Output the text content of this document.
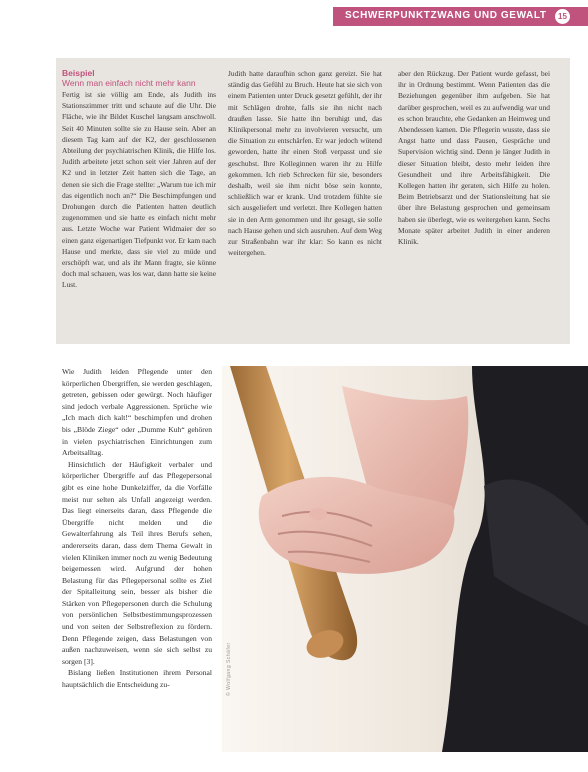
SCHWERPUNKTZWANG UND GEWALT	15
Beispiel
Wenn man einfach nicht mehr kann

Fertig ist sie völlig am Ende, als Judith ins Stationszimmer tritt und schaute auf die Uhr. Die Fläche, wie ihr Bildet Kuschel langsam anschwoll. Seit 40 Minuten sollte sie zu Hause sein. Aber an diesem Tag kam auf der K2, der geschlossenen Abteilung der psychiatrischen Klinik, die Hilfe los. Judith arbeitete jetzt schon seit vier Jahren auf der K2 und in letzter Zeit hatten sich die Tage, an denen sie sich die Frage stellte: „Warum tue ich mir das eigentlich noch an?“ Die Beschimpfungen und Drohungen durch die Patienten hatten deutlich zugenommen und sie hatte es einfach nicht mehr aus. Letzte Woche war Patient Widmaier der so einen ganz eigenartigen Tiefpunkt vor. Er kam nach Hause und merkte, dass sie viel zu müde und erschöpft war, und als ihr Mann fragte, sie könne doch mal schauen, was los war, dann hatte sie keine Lust.

Judith hatte daraufhin schon ganz gereizt. Sie hat ständig das Gefühl zu Bruch. Heute hat sie sich von einem Patienten unter Druck gesetzt gefühlt, der ihr mit Schlägen drohte, falls sie ihn nicht nach draußen lasse. Sie hatte ihn beruhigt und, das Klinikpersonal mehr zu involvieren versucht, um die Situation zu entschärfen. Er war jedoch wütend geworden, hatte ihr einen Stoß verpasst und sie geschubst. Ihre Kolleginnen waren ihr zu Hilfe gekommen. Ich rieb Schrecken für sie, besonders deshalb, weil sie ihm nicht böse sein konnte, schließlich war er krank. Und trotzdem fühlte sie sich ausgeliefert und verletzt. Ihre Kollegen hatten sie in den Arm genommen und ihr gesagt, sie solle nach Hause gehen und sich ausruhen. Auf dem Weg zur Straßenbahn war ihr klar: So kann es nicht weitergehen.

aber den Rückzug. Der Patient wurde gefasst, bei ihr in Ordnung bestimmt. Wenn Patienten das die Beziehungen gegenüber ihm aufgeben. Sie hat darüber gesprochen, weil es zu aufwendig war und es schon brauchte, ehe Gedanken an Heimweg und Abendessen kamen. Die Pflegerin wusste, dass sie Angst hatte und dass Pausen, Gespräche und Supervision wichtig sind. Denn je länger Judith in dieser Situation bleibt, desto mehr leiden ihre Gesundheit und ihre Arbeitsfähigkeit. Die Kollegen hatten ihr geraten, sich Hilfe zu holen. Beim Betriebsarzt und der Stationsleitung hat sie über ihre Belastung gesprochen und gemeinsam haben sie überlegt, wie es weitergehen kann. Sechs Monate später arbeitet Judith in einer anderen Klinik.

Wie Judith leiden Pflegende unter den körperlichen Übergriffen, sie werden geschlagen, getreten, gebissen oder gewürgt. Noch häufiger sind jedoch verbale Aggressionen. Sprüche wie „Ich mach dich kalt!“ beschimpfen und drohen bis „Blöde Ziege“ oder „Dumme Kuh“ gehören in vielen psychiatrischen Einrichtungen zum Arbeitsalltag.

Hinsichtlich der Häufigkeit verbaler und körperlicher Übergriffe auf das Pflegepersonal gibt es eine hohe Dunkelziffer, da die Vorfälle meist nur selten als Unfall angezeigt werden. Das liegt einerseits daran, dass Pflegende die Übergriffe nicht melden und die Gewalterfahrung als Teil ihres Berufs sehen, andererseits daran, dass dem Thema Gewalt in vielen Kliniken immer noch zu wenig Bedeutung beigemessen wird. Aufgrund der hohen Belastung für das Pflegepersonal sollte es Ziel der Spitalleitung sein, besser als bisher die Stärken von Pflegepersonen durch die Schulung von persönlichen Selbstbestimmungsprozessen und von seiten der Selbstreflexion zu fördern. Denn Pflegende zeigen, dass Belastungen von außen nachzuweisen, wenn sie sich selbst zu sorgen [3].

Bislang ließen Institutionen ihrem Personal hauptsächlich die Entscheidung zu-	© Wolfgang Schäfer
